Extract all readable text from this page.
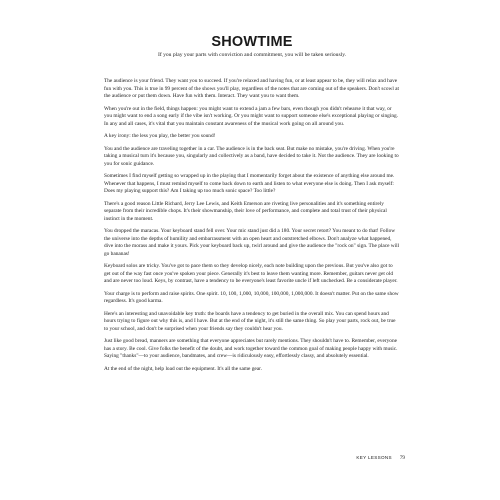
SHOWTIME

If you play your parts with conviction and commitment, you will be taken seriously.

The audience is your friend. They want you to succeed. If you're relaxed and having fun, or at least appear to be, they will relax and have fun with you. This is true in 99 percent of the shows you'll play, regardless of the notes that are coming out of the speakers. Don't scowl at the audience or put them down. Have fun with them. Interact. They want you to want them.

When you're out in the field, things happen: you might want to extend a jam a few bars, even though you didn't rehearse it that way, or you might want to end a song early if the vibe isn't working. Or you might want to support someone else's exceptional playing or singing. In any and all cases, it's vital that you maintain constant awareness of the musical work going on all around you.

A key irony: the less you play, the better you sound!

You and the audience are traveling together in a car. The audience is in the back seat. But make no mistake, you're driving. When you're taking a musical turn it's because you, singularly and collectively as a band, have decided to take it. Not the audience. They are looking to you for sonic guidance.

Sometimes I find myself getting so wrapped up in the playing that I momentarily forget about the existence of anything else around me. Whenever that happens, I must remind myself to come back down to earth and listen to what everyone else is doing. Then I ask myself: Does my playing support this? Am I taking up too much sonic space? Too little?

There's a good reason Little Richard, Jerry Lee Lewis, and Keith Emerson are riveting live personalities and it's something entirely separate from their incredible chops. It's their showmanship, their love of performance, and complete and total trust of their physical instinct in the moment.

You dropped the maracas. Your keyboard stand fell over. Your mic stand just did a 180. Your secret retort? You meant to do that! Follow the universe into the depths of humility and embarrassment with an open heart and outstretched elbows. Don't analyze what happened, dive into the morass and make it yours. Pick your keyboard back up, twirl around and give the audience the "rock on" sign. The place will go bananas!

Keyboard solos are tricky. You've got to pace them so they develop nicely, each note building upon the previous. But you've also got to get out of the way fast once you've spoken your piece. Generally it's best to leave them wanting more. Remember, guitars never get old and are never too loud. Keys, by contrast, have a tendency to be everyone's least favorite uncle if left unchecked. Be a considerate player.

Your charge is to perform and raise spirits. One spirit. 10, 100, 1,000, 10,000, 100,000, 1,000,000. It doesn't matter. Put on the same show regardless. It's good karma.

Here's an interesting and unavoidable key truth: the boards have a tendency to get buried in the overall mix. You can spend hours and hours trying to figure out why this is, and I have. But at the end of the night, it's still the same thing. So play your parts, rock out, be true to your school, and don't be surprised when your friends say they couldn't hear you.

Just like good bread, manners are something that everyone appreciates but rarely mentions. They shouldn't have to. Remember, everyone has a story. Be cool. Give folks the benefit of the doubt, and work together toward the common goal of making people happy with music. Saying "thanks"—to your audience, bandmates, and crew—is ridiculously easy, effortlessly classy, and absolutely essential.

At the end of the night, help load out the equipment. It's all the same gear.

KEY LESSONS 79
